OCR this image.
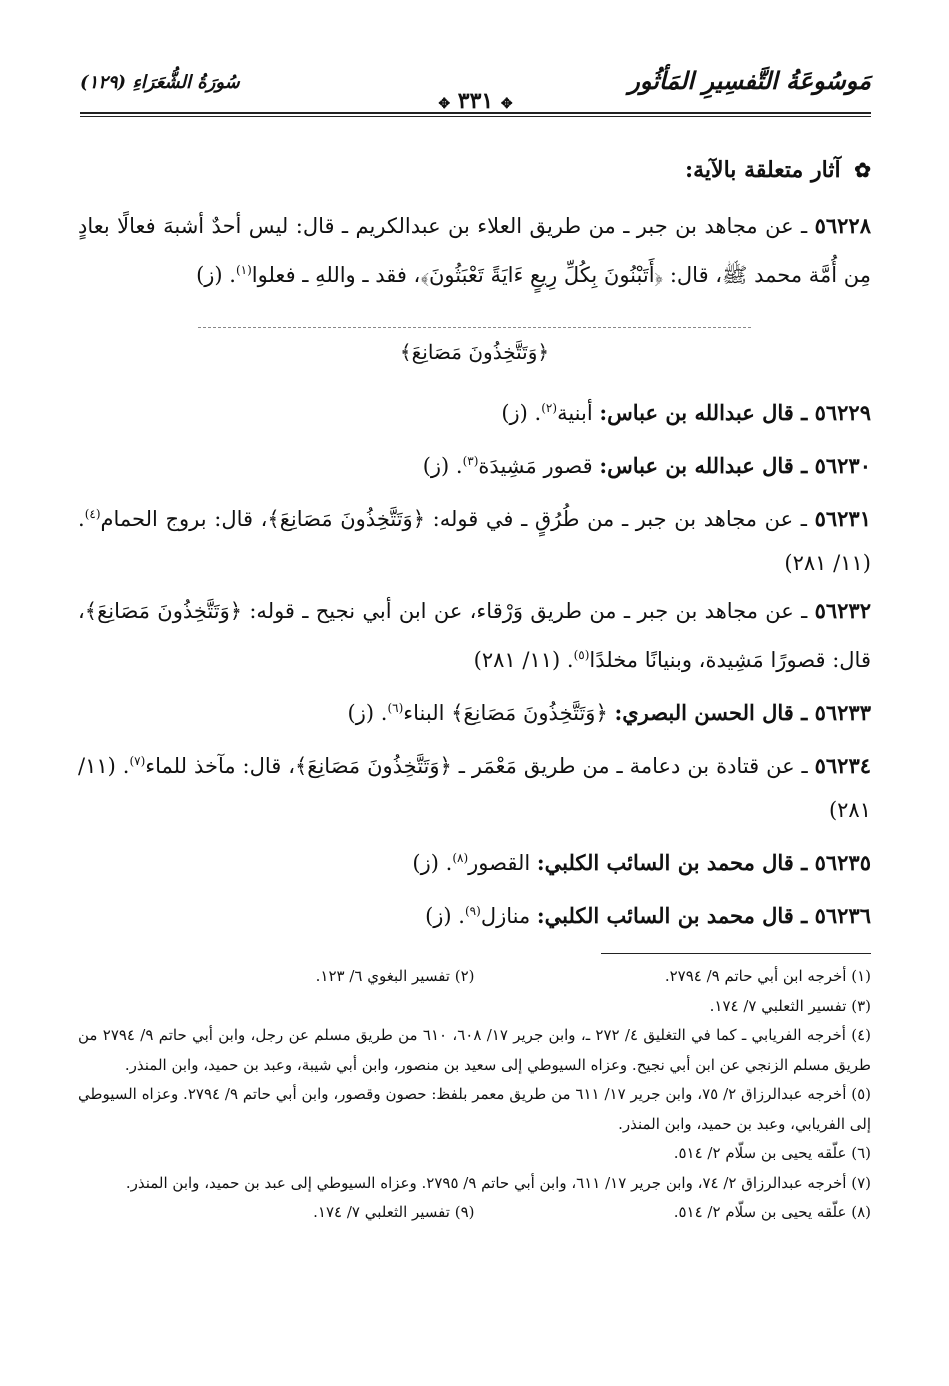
مَوسُوعَةُ التَّفسِيرِ المَأثُور
✥ ٣٣١ ✥
سُورَةُ الشُّعَرَاءِ (١٢٩)
✿ آثار متعلقة بالآية:

٥٦٢٢٨ ـ عن مجاهد بن جبر ـ من طريق العلاء بن عبدالكريم ـ قال: ليس أحدٌ أشبهَ فعالًا بعادٍ مِن أُمَّة محمد ﷺ، قال: ﴿أَتَبْنُونَ بِكُلِّ رِيعٍ ءَايَةً تَعْبَثُونَ﴾، فقد ـ واللهِ ـ فعلوا$^{(١)}$. (ز)

﴿وَتَتَّخِذُونَ مَصَانِعَ﴾

٥٦٢٢٩ ـ قال عبدالله بن عباس: أبنية$^{(٢)}$. (ز)

٥٦٢٣٠ ـ قال عبدالله بن عباس: قصور مَشِيدَة$^{(٣)}$. (ز)

٥٦٢٣١ ـ عن مجاهد بن جبر ـ من طُرُقٍ ـ في قوله: ﴿وَتَتَّخِذُونَ مَصَانِعَ﴾، قال: بروج الحمام$^{(٤)}$. (١١/ ٢٨١)

٥٦٢٣٢ ـ عن مجاهد بن جبر ـ من طريق وَرْقاء، عن ابن أبي نجيح ـ قوله: ﴿وَتَتَّخِذُونَ مَصَانِعَ﴾، قال: قصورًا مَشِيدة، وبنيانًا مخلدًا$^{(٥)}$. (١١/ ٢٨١)

٥٦٢٣٣ ـ قال الحسن البصري: ﴿وَتَتَّخِذُونَ مَصَانِعَ﴾ البناء$^{(٦)}$. (ز)

٥٦٢٣٤ ـ عن قتادة بن دعامة ـ من طريق مَعْمَر ـ ﴿وَتَتَّخِذُونَ مَصَانِعَ﴾، قال: مآخذ للماء$^{(٧)}$. (١١/ ٢٨١)

٥٦٢٣٥ ـ قال محمد بن السائب الكلبي: القصور$^{(٨)}$. (ز)

٥٦٢٣٦ ـ قال محمد بن السائب الكلبي: منازل$^{(٩)}$. (ز)

(١) أخرجه ابن أبي حاتم ٩/ ٢٧٩٤.

(٢) تفسير البغوي ٦/ ١٢٣.

(٣) تفسير الثعلبي ٧/ ١٧٤.

(٤) أخرجه الفريابي ـ كما في التغليق ٤/ ٢٧٢ ـ، وابن جرير ١٧/ ٦٠٨، ٦١٠ من طريق مسلم عن رجل، وابن أبي حاتم ٩/ ٢٧٩٤ من طريق مسلم الزنجي عن ابن أبي نجيح. وعزاه السيوطي إلى سعيد بن منصور، وابن أبي شيبة، وعبد بن حميد، وابن المنذر.

(٥) أخرجه عبدالرزاق ٢/ ٧٥، وابن جرير ١٧/ ٦١١ من طريق معمر بلفظ: حصون وقصور، وابن أبي حاتم ٩/ ٢٧٩٤. وعزاه السيوطي إلى الفريابي، وعبد بن حميد، وابن المنذر.

(٦) علّقه يحيى بن سلّام ٢/ ٥١٤.

(٧) أخرجه عبدالرزاق ٢/ ٧٤، وابن جرير ١٧/ ٦١١، وابن أبي حاتم ٩/ ٢٧٩٥. وعزاه السيوطي إلى عبد بن حميد، وابن المنذر.

(٨) علّقه يحيى بن سلّام ٢/ ٥١٤.

(٩) تفسير الثعلبي ٧/ ١٧٤.
